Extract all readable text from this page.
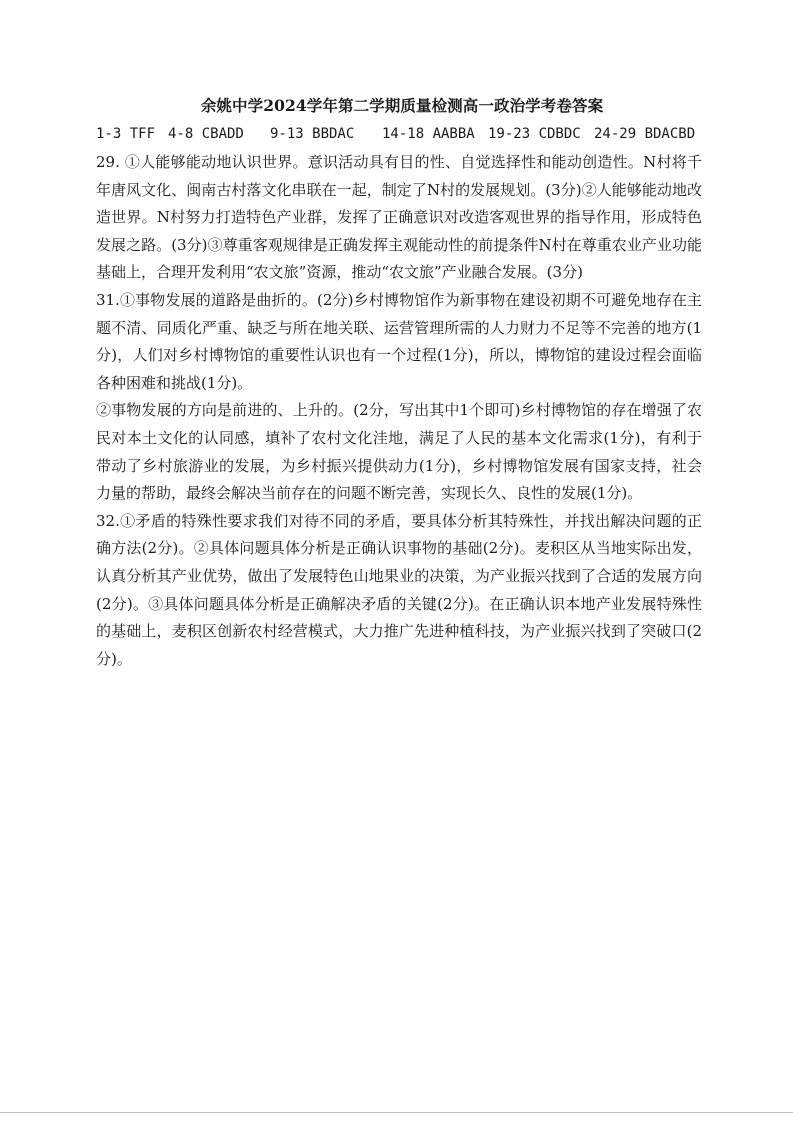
余姚中学2024学年第二学期质量检测高一政治学考卷答案
1-3 TFF 4-8 CBADD	9-13 BBDAC	14-18 AABBA 19-23 CDBDC 24-29 BDACBD

29. ①人能够能动地认识世界。意识活动具有目的性、自觉选择性和能动创造性。N村将千年唐风文化、闽南古村落文化串联在一起，制定了N村的发展规划。(3分)②人能够能动地改造世界。N村努力打造特色产业群，发挥了正确意识对改造客观世界的指导作用，形成特色发展之路。(3分)③尊重客观规律是正确发挥主观能动性的前提条件N村在尊重农业产业功能基础上，合理开发利用“农文旅”资源，推动“农文旅”产业融合发展。(3分)

31.①事物发展的道路是曲折的。(2分)乡村博物馆作为新事物在建设初期不可避免地存在主题不清、同质化严重、缺乏与所在地关联、运营管理所需的人力财力不足等不完善的地方(1分)，人们对乡村博物馆的重要性认识也有一个过程(1分)，所以，博物馆的建设过程会面临各种困难和挑战(1分)。

②事物发展的方向是前进的、上升的。(2分，写出其中1个即可)乡村博物馆的存在增强了农民对本土文化的认同感，填补了农村文化洼地，满足了人民的基本文化需求(1分)，有利于带动了乡村旅游业的发展，为乡村振兴提供动力(1分)，乡村博物馆发展有国家支持，社会力量的帮助，最终会解决当前存在的问题不断完善，实现长久、良性的发展(1分)。

32.①矛盾的特殊性要求我们对待不同的矛盾，要具体分析其特殊性，并找出解决问题的正确方法(2分)。②具体问题具体分析是正确认识事物的基础(2分)。麦积区从当地实际出发，认真分析其产业优势，做出了发展特色山地果业的决策，为产业振兴找到了合适的发展方向(2分)。③具体问题具体分析是正确解决矛盾的关键(2分)。在正确认识本地产业发展特殊性的基础上，麦积区创新农村经营模式，大力推广先进种植科技，为产业振兴找到了突破口(2分)。
